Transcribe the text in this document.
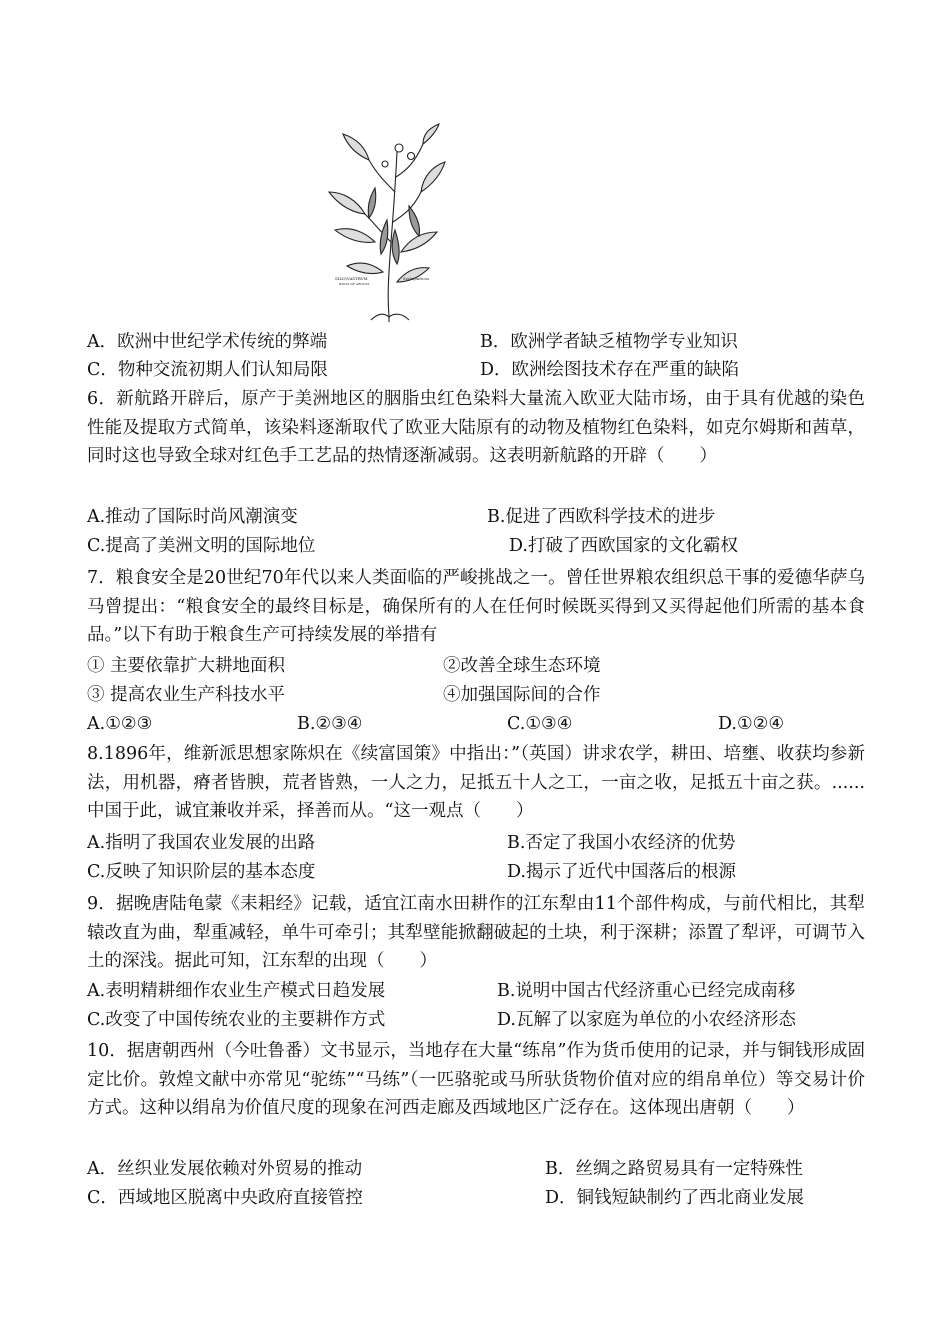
SILIQVASTRVM
BASTA DE ARNOTA
Seitsipaticus
A．欧洲中世纪学术传统的弊端	B．欧洲学者缺乏植物学专业知识
C．物种交流初期人们认知局限	D．欧洲绘图技术存在严重的缺陷
6．新航路开辟后，原产于美洲地区的胭脂虫红色染料大量流入欧亚大陆市场，由于具有优越的染色性能及提取方式简单，该染料逐渐取代了欧亚大陆原有的动物及植物红色染料，如克尔姆斯和茜草，同时这也导致全球对红色手工艺品的热情逐渐减弱。这表明新航路的开辟（　　）
A.推动了国际时尚风潮演变	B.促进了西欧科学技术的进步
C.提高了美洲文明的国际地位	D.打破了西欧国家的文化霸权
7．粮食安全是20世纪70年代以来人类面临的严峻挑战之一。曾任世界粮农组织总干事的爱德华萨乌马曾提出：“粮食安全的最终目标是，确保所有的人在任何时候既买得到又买得起他们所需的基本食品。”以下有助于粮食生产可持续发展的举措有
① 主要依靠扩大耕地面积	②改善全球生态环境
③ 提高农业生产科技水平	④加强国际间的合作
A.①②③	B.②③④	C.①③④	D.①②④
8.1896年，维新派思想家陈炽在《续富国策》中指出：”（英国）讲求农学，耕田、培壅、收获均参新法，用机器，瘠者皆腴，荒者皆熟，一人之力，足抵五十人之工，一亩之收，足抵五十亩之获。......中国于此，诚宜兼收并采，择善而从。“这一观点（　　）
A.指明了我国农业发展的出路	B.否定了我国小农经济的优势
C.反映了知识阶层的基本态度	D.揭示了近代中国落后的根源
9．据晚唐陆龟蒙《耒耜经》记载，适宜江南水田耕作的江东犁由11个部件构成，与前代相比，其犁辕改直为曲，犁重减轻，单牛可牵引；其犁壁能掀翻破起的土块，利于深耕；添置了犁评，可调节入土的深浅。据此可知，江东犁的出现（　　）
A.表明精耕细作农业生产模式日趋发展	B.说明中国古代经济重心已经完成南移
C.改变了中国传统农业的主要耕作方式	D.瓦解了以家庭为单位的小农经济形态
10．据唐朝西州（今吐鲁番）文书显示，当地存在大量“练帛”作为货币使用的记录，并与铜钱形成固定比价。敦煌文献中亦常见“驼练”“马练”（一匹骆驼或马所驮货物价值对应的绢帛单位）等交易计价方式。这种以绢帛为价值尺度的现象在河西走廊及西域地区广泛存在。这体现出唐朝（　　）
A．丝织业发展依赖对外贸易的推动	B．丝绸之路贸易具有一定特殊性
C．西域地区脱离中央政府直接管控	D．铜钱短缺制约了西北商业发展
